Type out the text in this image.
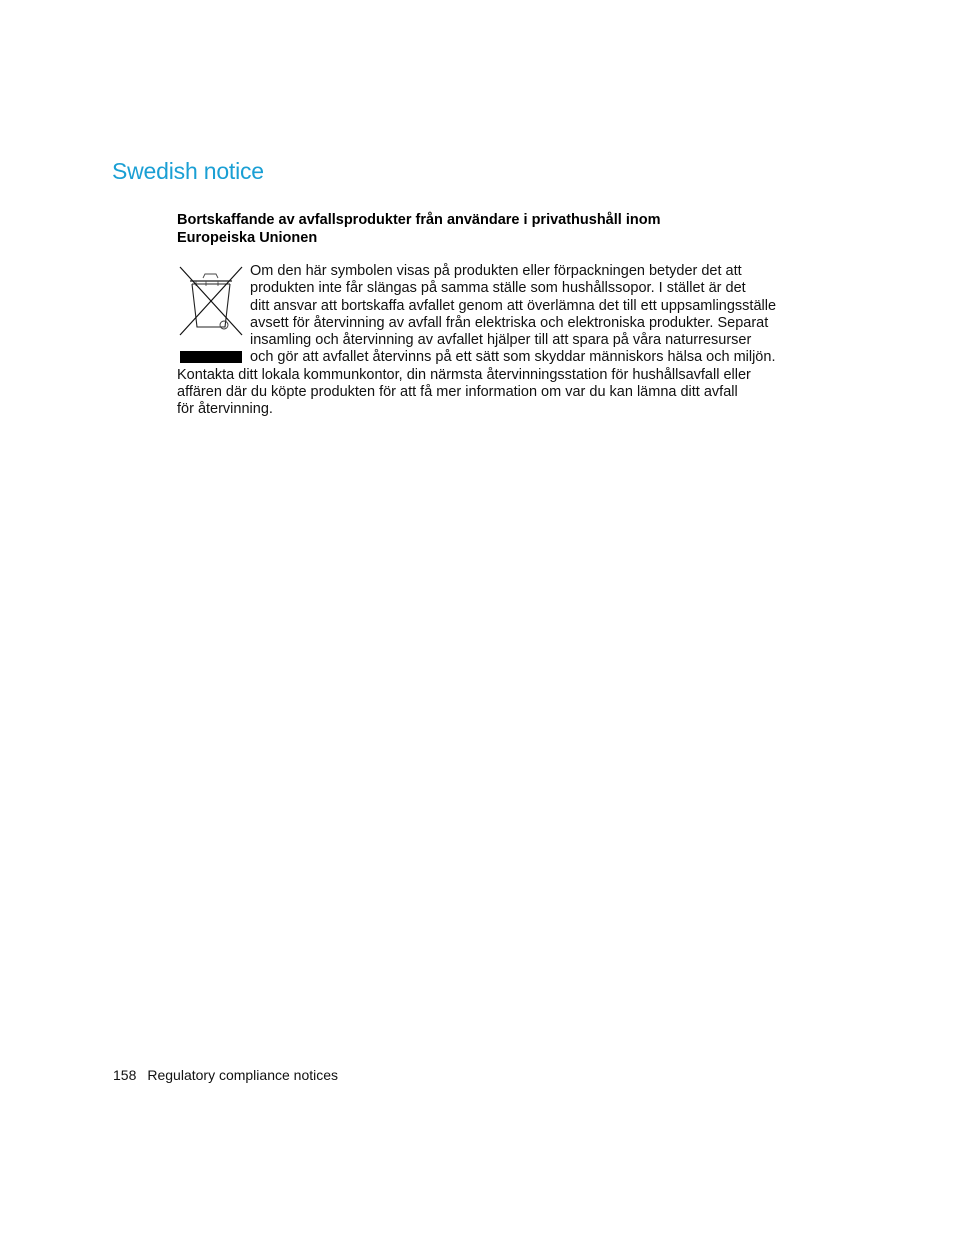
Swedish notice
Bortskaffande av avfallsprodukter från användare i privathushåll inom
Europeiska Unionen
Om den här symbolen visas på produkten eller förpackningen betyder det att
produkten inte får slängas på samma ställe som hushållssopor. I stället är det
ditt ansvar att bortskaffa avfallet genom att överlämna det till ett uppsamlingsställe
avsett för återvinning av avfall från elektriska och elektroniska produkter. Separat
insamling och återvinning av avfallet hjälper till att spara på våra naturresurser
och gör att avfallet återvinns på ett sätt som skyddar människors hälsa och miljön.
Kontakta ditt lokala kommunkontor, din närmsta återvinningsstation för hushållsavfall eller
affären där du köpte produkten för att få mer information om var du kan lämna ditt avfall
för återvinning.
158 Regulatory compliance notices
